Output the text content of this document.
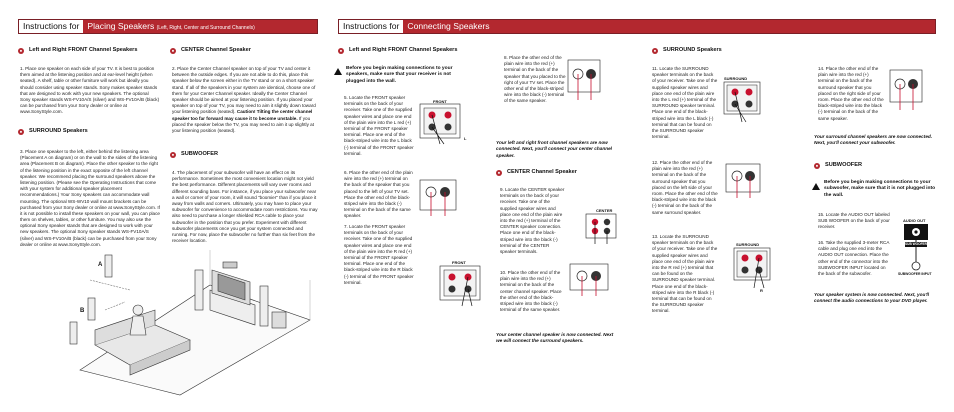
Instructions for Placing Speakers (Left, Right, Center and Surround Channels)
● Left and Right FRONT Channel Speakers
1. Place one speaker on each side of your TV. It is best to position them aimed at the listening position and at ear-level height (when seated). A shelf, table or other furniture will work but ideally you should consider using speaker stands. Sony makes speaker stands that are designed to work with your new speakers. The optional Sony speaker stands WS-FV10A/S (silver) and WS-FV10A/B (black) can be purchased from your Sony dealer or online at www.SonyStyle.com.
● SURROUND Speakers
3. Place one speaker to the left, either behind the listening area (Placement A on diagram) or on the wall to the sides of the listening area (Placement B on diagram). Place the other speaker to the right of the listening position in the exact opposite of the left channel speaker. We recommend placing the surround speakers above the listening position. (Please see the Operating Instructions that come with your system for additional speaker placement recommendations.) Your Sony speakers can accommodate wall mounting. The optional WS-WV10 wall mount brackets can be purchased from your Sony dealer or online at www.SonyStyle.com. If it is not possible to install these speakers on your wall, you can place them on shelves, tables, or other furniture. You may also use the optional Sony speaker stands that are designed to work with your new speakers. The optional Sony speaker stands WS-FV10A/S (silver) and WS-FV10A/B (black) can be purchased from your Sony dealer or online at www.SonyStyle.com.
● CENTER Channel Speaker
2. Place the Center Channel speaker on top of your TV and center it between the outside edges. If you are not able to do this, place this speaker below the screen either in the TV stand or on a short speaker stand. If all of the speakers in your system are identical, choose one of them for your Center Channel speaker. Ideally the Center Channel speaker should be aimed at your listening position. If you placed your speaker on top of your TV, you may need to aim it slightly down toward your listening position (seated). Caution! Tilting the center channel speaker too far forward may cause it to become unstable. If you placed the speaker below the TV, you may need to aim it up slightly at your listening position (seated).
● SUBWOOFER
4. The placement of your subwoofer will have an effect on its performance. Sometimes the most convenient location might not yield the best performance. Different placements will vary over rooms and different sounding bass. For instance, if you place your subwoofer near a wall or corner of your room, it will sound "boomier" than if you place it away from walls and corners. Ultimately, you may have to place your subwoofer for convenience to accommodate room restrictions. You may also need to purchase a longer shielded RCA cable to place your subwoofer in the position that you prefer. Experiment with different subwoofer placements once you get your system connected and running. For now, place the subwoofer no further than six feet from the receiver location.
A
B
Instructions for Connecting Speakers
● Left and Right FRONT Channel Speakers
Before you begin making connections to your speakers, make sure that your receiver is not plugged into the wall.
5. Locate the FRONT speaker terminals on the back of your receiver. Take one of the supplied speaker wires and place one end of the plain wire into the L red (+) terminal of the FRONT speaker terminal. Place one end of the black-striped wire into the L black (-) terminal of the FRONT speaker terminal.
6. Place the other end of the plain wire into the red (+) terminal on the back of the speaker that you placed to the left of your TV set. Place the other end of the black-striped wire into the black (-) terminal on the back of the same speaker.
7. Locate the FRONT speaker terminals on the back of your receiver. Take one of the supplied speaker wires and place one end of the plain wire into the R red (+) terminal of the FRONT speaker terminal. Place one end of the black-striped wire into the R black (-) terminal of the FRONT speaker terminal.
FRONT
FRONT
L
8. Place the other end of the plain wire into the red (+) terminal on the back of the speaker that you placed to the right of your TV set. Place the other end of the black-striped wire into the black (-) terminal of the same speaker.
Your left and right front channel speakers are now connected. Next, you'll connect your center channel speaker.
● CENTER Channel Speaker
9. Locate the CENTER speaker terminals on the back of your receiver. Take one of the supplied speaker wires and place one end of the plain wire into the red (+) terminal of the CENTER speaker connection. Place one end of the black-striped wire into the black (-) terminal of the CENTER speaker terminals.
CENTER
10. Place the other end of the plain wire into the red (+) terminal on the back of the center channel speaker. Place the other end of the black-striped wire into the black (-) terminal of the same speaker.
Your center channel speaker is now connected. Next we will connect the surround speakers.
● SURROUND Speakers
11. Locate the SURROUND speaker terminals on the back of your receiver. Take one of the supplied speaker wires and place one end of the plain wire into the L red (+) terminal of the SURROUND speaker terminal. Place one end of the black-striped wire into the L black (-) terminal that can be found on the SURROUND speaker terminal.
SURROUND
12. Place the other end of the plain wire into the red (+) terminal on the back of the surround speaker that you placed on the left side of your room. Place the other end of the black-striped wire into the black (-) terminal on the back of the same surround speaker.
13. Locate the SURROUND speaker terminals on the back of your receiver. Take one of the supplied speaker wires and place one end of the plain wire into the R red (+) terminal that can be found on the SURROUND speaker terminal. Place one end of the black-striped wire into the R black (-) terminal that can be found on the SURROUND speaker terminal.
SURROUND
R
14. Place the other end of the plain wire into the red (+) terminal on the back of the surround speaker that you placed on the right side of your room. Place the other end of the black-striped wire into the black (-) terminal on the back of the same speaker.
Your surround channel speakers are now connected. Next, you'll connect your subwoofer.
● SUBWOOFER
Before you begin making connections to your subwoofer, make sure that it is not plugged into the wall.
15. Locate the AUDIO OUT labeled SUB WOOFER on the back of your receiver.
16. Take the supplied 3-meter RCA cable and plug one end into the AUDIO OUT connection. Place the other end of the connector into the SUBWOOFER INPUT located on the back of the subwoofer.
AUDIO OUT
SUB WOOFER
SUBWOOFER INPUT
Your speaker system is now connected. Next, you'll connect the audio connections to your DVD player.
